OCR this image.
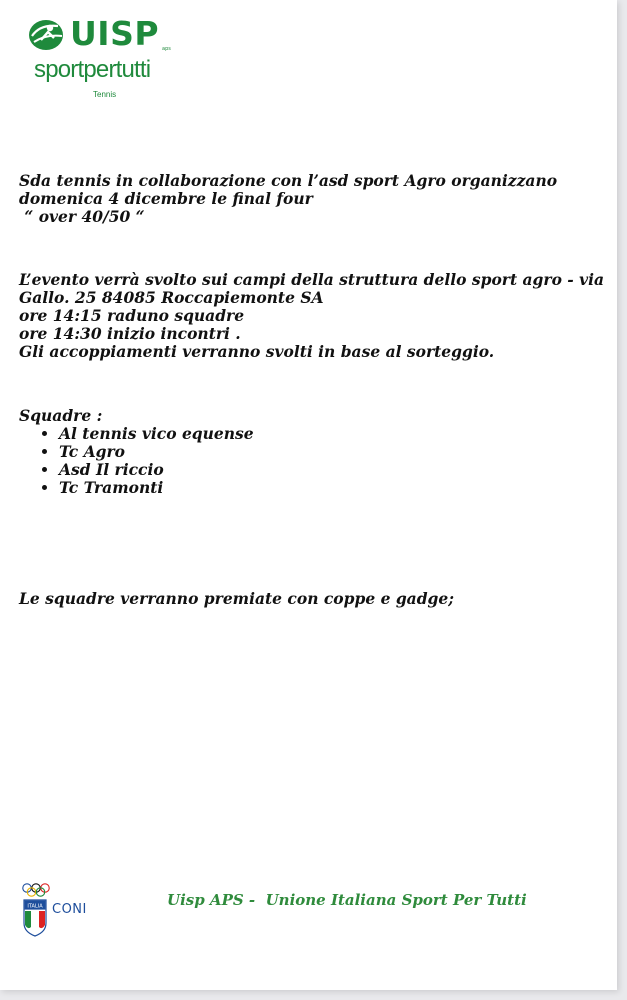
UISP aps
sportpertutti
Tennis

Sda tennis in collaborazione con l’asd sport Agro organizzano

domenica 4 dicembre le final four

“ over 40/50 “

L’evento verrà svolto sui campi della struttura dello sport agro - via

Gallo. 25 84085 Roccapiemonte SA

ore 14:15 raduno squadre

ore 14:30 inizio incontri .

Gli accoppiamenti verranno svolti in base al sorteggio.

Squadre :

• Al tennis vico equense
• Tc Agro
• Asd Il riccio
• Tc Tramonti

Le squadre verranno premiate con coppe e gadge;

ITALIA CONI
Uisp APS -  Unione Italiana Sport Per Tutti
